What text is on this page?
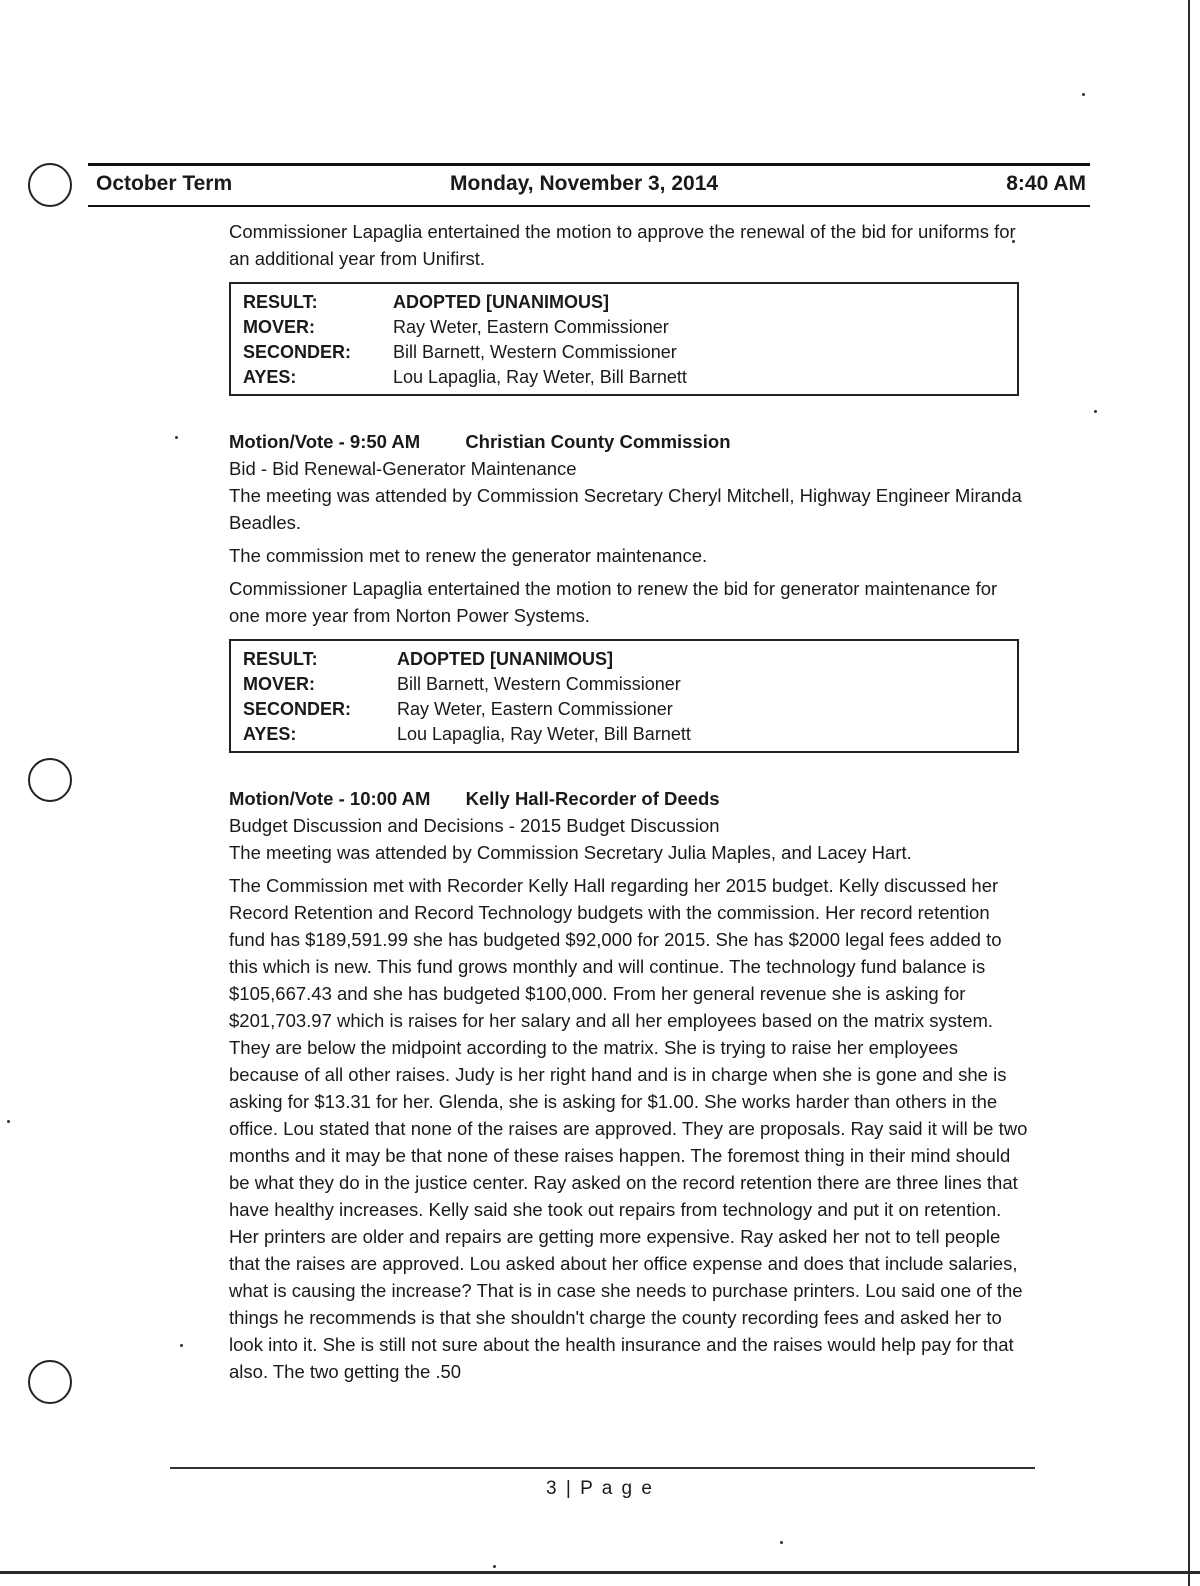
October Term	Monday, November 3, 2014	8:40 AM

Commissioner Lapaglia entertained the motion to approve the renewal of the bid for uniforms for an additional year from Unifirst.

RESULT:	ADOPTED [UNANIMOUS]
MOVER:	Ray Weter, Eastern Commissioner
SECONDER:	Bill Barnett, Western Commissioner
AYES:	Lou Lapaglia, Ray Weter, Bill Barnett

Motion/Vote - 9:50 AM Christian County Commission

Bid - Bid Renewal-Generator Maintenance

The meeting was attended by Commission Secretary Cheryl Mitchell, Highway Engineer Miranda Beadles.

The commission met to renew the generator maintenance.

Commissioner Lapaglia entertained the motion to renew the bid for generator maintenance for one more year from Norton Power Systems.

RESULT:	ADOPTED [UNANIMOUS]
MOVER:	Bill Barnett, Western Commissioner
SECONDER:	Ray Weter, Eastern Commissioner
AYES:	Lou Lapaglia, Ray Weter, Bill Barnett

Motion/Vote - 10:00 AM Kelly Hall-Recorder of Deeds

Budget Discussion and Decisions - 2015 Budget Discussion

The meeting was attended by Commission Secretary Julia Maples, and Lacey Hart.

The Commission met with Recorder Kelly Hall regarding her 2015 budget. Kelly discussed her Record Retention and Record Technology budgets with the commission. Her record retention fund has $189,591.99 she has budgeted $92,000 for 2015. She has $2000 legal fees added to this which is new. This fund grows monthly and will continue. The technology fund balance is $105,667.43 and she has budgeted $100,000. From her general revenue she is asking for $201,703.97 which is raises for her salary and all her employees based on the matrix system. They are below the midpoint according to the matrix. She is trying to raise her employees because of all other raises. Judy is her right hand and is in charge when she is gone and she is asking for $13.31 for her. Glenda, she is asking for $1.00. She works harder than others in the office. Lou stated that none of the raises are approved. They are proposals. Ray said it will be two months and it may be that none of these raises happen. The foremost thing in their mind should be what they do in the justice center. Ray asked on the record retention there are three lines that have healthy increases. Kelly said she took out repairs from technology and put it on retention. Her printers are older and repairs are getting more expensive. Ray asked her not to tell people that the raises are approved. Lou asked about her office expense and does that include salaries, what is causing the increase? That is in case she needs to purchase printers. Lou said one of the things he recommends is that she shouldn't charge the county recording fees and asked her to look into it. She is still not sure about the health insurance and the raises would help pay for that also. The two getting the .50

3 | P a g e
